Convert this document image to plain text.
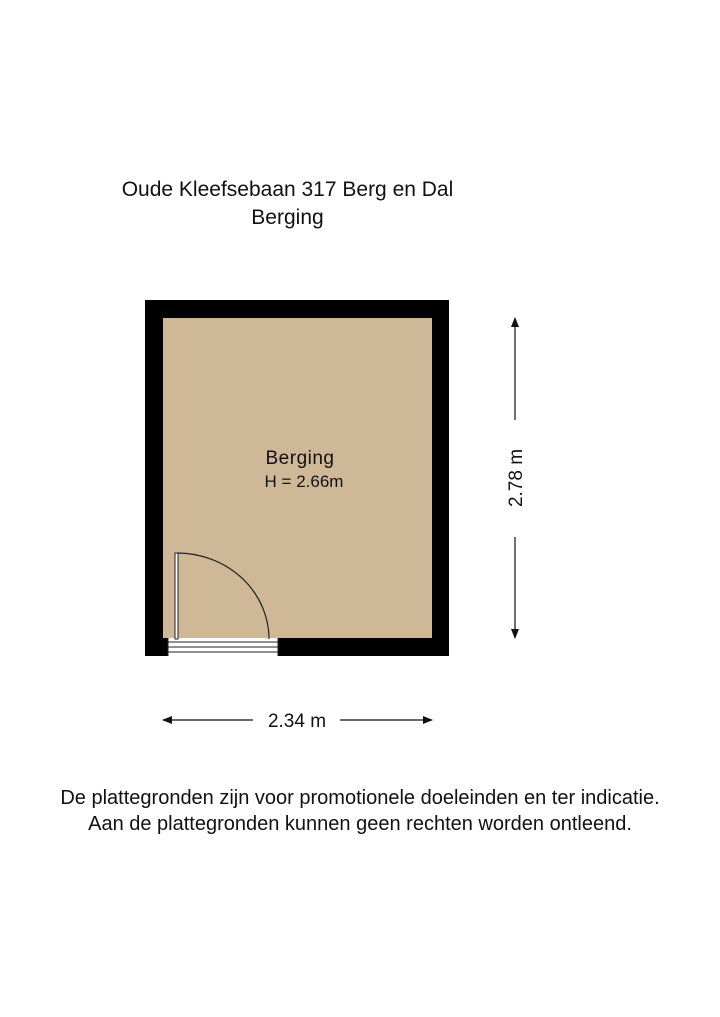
Oude Kleefsebaan 317 Berg en Dal
Berging
Berging
H = 2.66m	2.78 m
2.34 m
De plattegronden zijn voor promotionele doeleinden en ter indicatie.
Aan de plattegronden kunnen geen rechten worden ontleend.
